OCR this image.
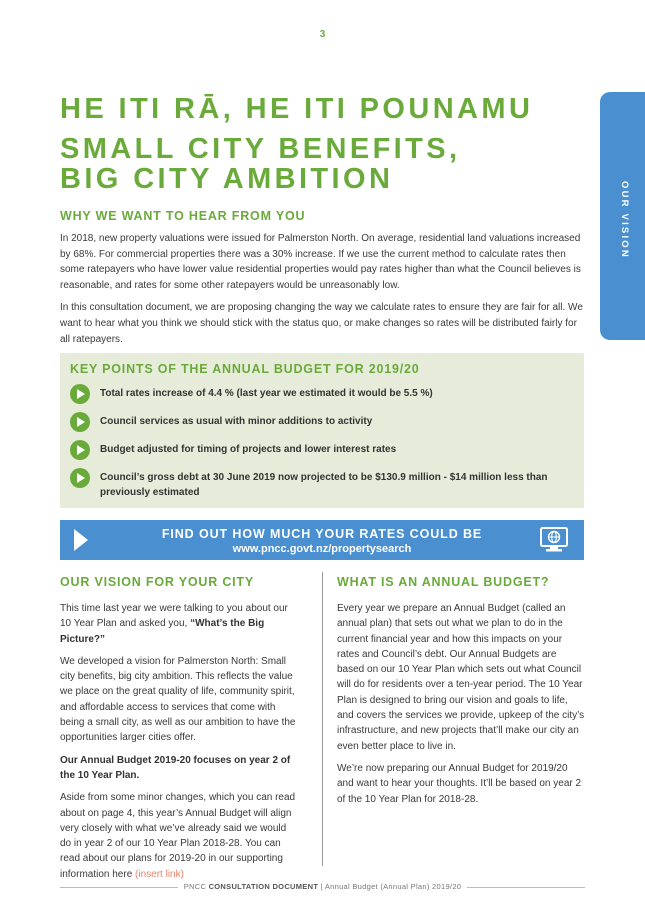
3
OUR VISION
HE ITI RĀ, HE ITI POUNAMU
SMALL CITY BENEFITS,
BIG CITY AMBITION
WHY WE WANT TO HEAR FROM YOU

In 2018, new property valuations were issued for Palmerston North. On average, residential land valuations increased by 68%. For commercial properties there was a 30% increase. If we use the current method to calculate rates then some ratepayers who have lower value residential properties would pay rates higher than what the Council believes is reasonable, and rates for some other ratepayers would be unreasonably low.

In this consultation document, we are proposing changing the way we calculate rates to ensure they are fair for all. We want to hear what you think we should stick with the status quo, or make changes so rates will be distributed fairly for all ratepayers.

KEY POINTS OF THE ANNUAL BUDGET FOR 2019/20
Total rates increase of 4.4 % (last year we estimated it would be 5.5 %)
Council services as usual with minor additions to activity
Budget adjusted for timing of projects and lower interest rates
Council’s gross debt at 30 June 2019 now projected to be $130.9 million - $14 million less than previously estimated
FIND OUT HOW MUCH YOUR RATES COULD BE
www.pncc.govt.nz/propertysearch
OUR VISION FOR YOUR CITY

This time last year we were talking to you about our 10 Year Plan and asked you, “What’s the Big Picture?”

We developed a vision for Palmerston North: Small city benefits, big city ambition. This reflects the value we place on the great quality of life, community spirit, and affordable access to services that come with being a small city, as well as our ambition to have the opportunities larger cities offer.

Our Annual Budget 2019-20 focuses on year 2 of the 10 Year Plan.

Aside from some minor changes, which you can read about on page 4, this year’s Annual Budget will align very closely with what we’ve already said we would do in year 2 of our 10 Year Plan 2018-28. You can read about our plans for 2019-20 in our supporting information here (insert link)

WHAT IS AN ANNUAL BUDGET?

Every year we prepare an Annual Budget (called an annual plan) that sets out what we plan to do in the current financial year and how this impacts on your rates and Council’s debt. Our Annual Budgets are based on our 10 Year Plan which sets out what Council will do for residents over a ten-year period. The 10 Year Plan is designed to bring our vision and goals to life, and covers the services we provide, upkeep of the city’s infrastructure, and new projects that’ll make our city an even better place to live in.

We’re now preparing our Annual Budget for 2019/20 and want to hear your thoughts. It’ll be based on year 2 of the 10 Year Plan for 2018-28.

PNCC CONSULTATION DOCUMENT | Annual Budget (Annual Plan) 2019/20
